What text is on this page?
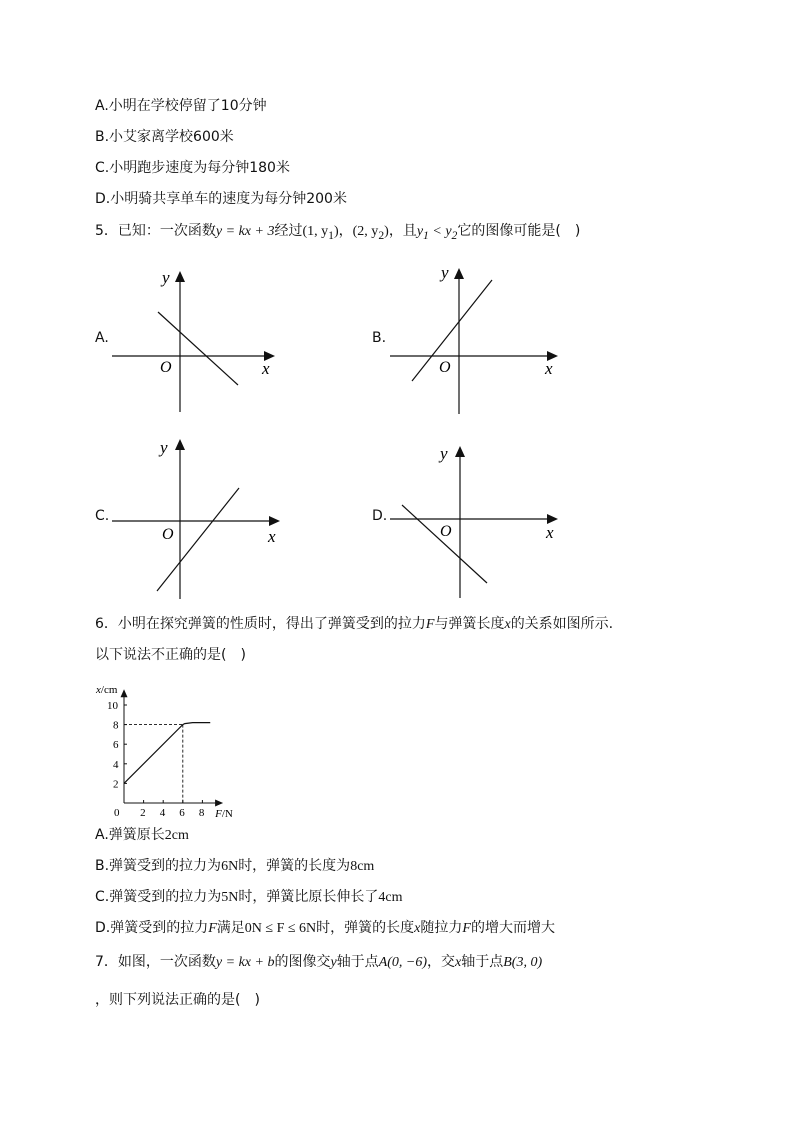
A.小明在学校停留了10分钟
B.小艾家离学校600米
C.小明跑步速度为每分钟180米
D.小明骑共享单车的速度为每分钟200米
5．已知：一次函数y = kx + 3经过(1, $y_1$)，(2, $y_2$)，且$y_1 < y_2$它的图像可能是(　)
A.
x
y
O
B.
x
y
O
C.
x
y
O
D.
x
y
O
6．小明在探究弹簧的性质时，得出了弹簧受到的拉力F与弹簧长度x的关系如图所示.
以下说法不正确的是(　)
0 2 4 6 8
2
4
6
8
10
x/cm
F/N
A.弹簧原长2cm
B.弹簧受到的拉力为6N时，弹簧的长度为8cm
C.弹簧受到的拉力为5N时，弹簧比原长伸长了4cm
D.弹簧受到的拉力F满足0N ≤ F ≤ 6N时，弹簧的长度x随拉力F的增大而增大
7．如图，一次函数y = kx + b的图像交y轴于点A(0, −6)，交x轴于点B(3, 0)
，则下列说法正确的是(　)
